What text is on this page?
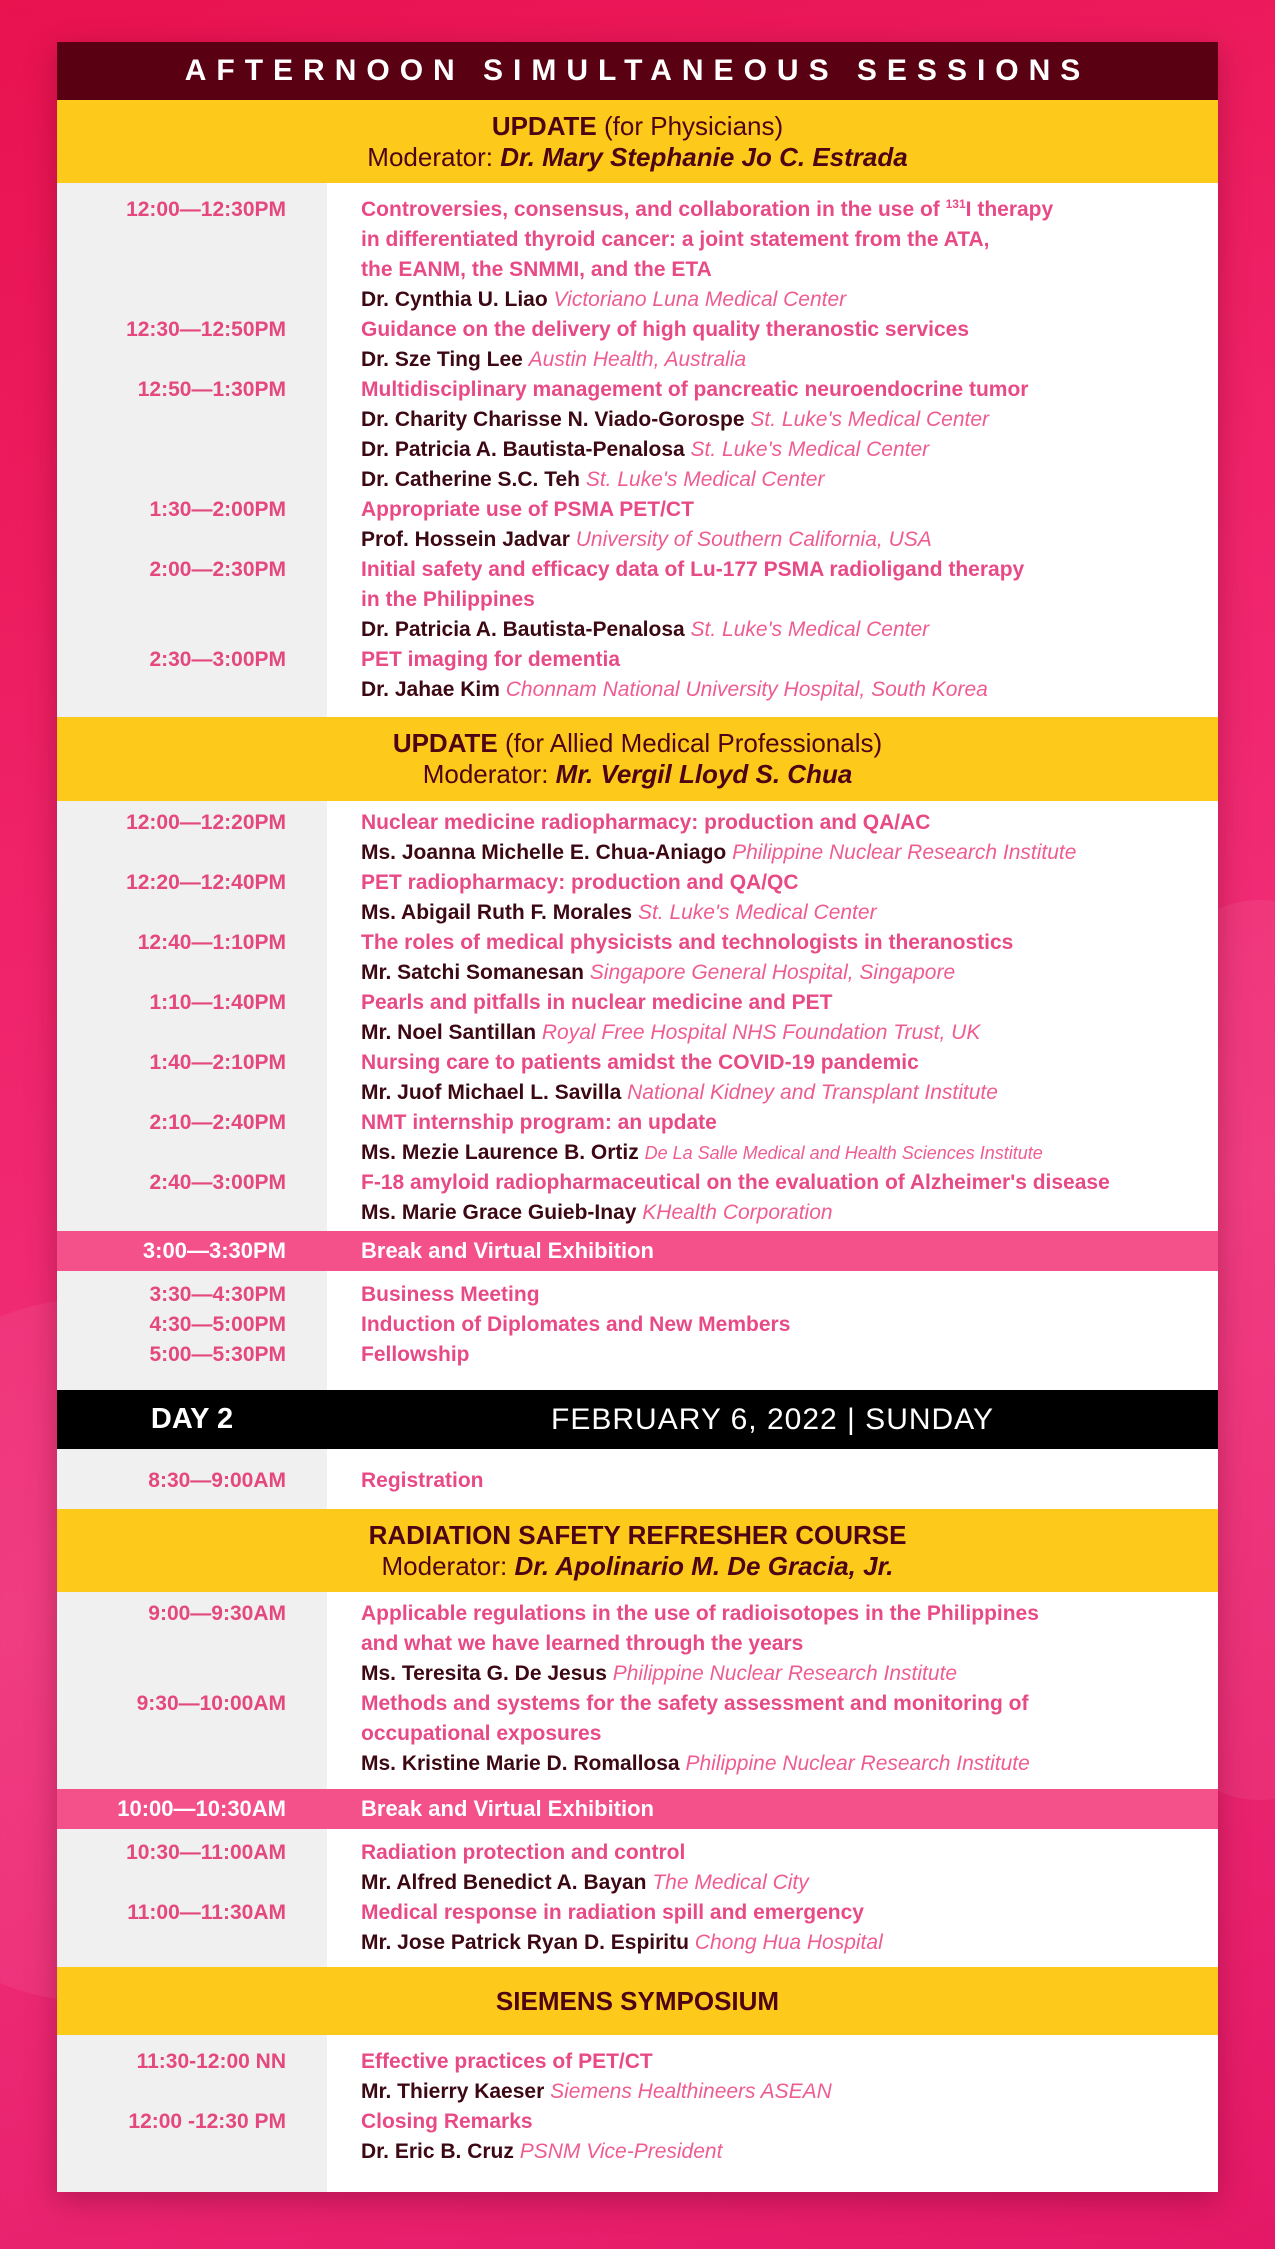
AFTERNOON SIMULTANEOUS SESSIONS
UPDATE (for Physicians)
Moderator: Dr. Mary Stephanie Jo C. Estrada
12:00—12:30PM	Controversies, consensus, and collaboration in the use of $^{131}$I therapy
in differentiated thyroid cancer: a joint statement from the ATA,
the EANM, the SNMMI, and the ETA
Dr. Cynthia U. Liao Victoriano Luna Medical Center
12:30—12:50PM	Guidance on the delivery of high quality theranostic services
Dr. Sze Ting Lee Austin Health, Australia
12:50—1:30PM	Multidisciplinary management of pancreatic neuroendocrine tumor
Dr. Charity Charisse N. Viado-Gorospe St. Luke's Medical Center
Dr. Patricia A. Bautista-Penalosa St. Luke's Medical Center
Dr. Catherine S.C. Teh St. Luke's Medical Center
1:30—2:00PM	Appropriate use of PSMA PET/CT
Prof. Hossein Jadvar University of Southern California, USA
2:00—2:30PM	Initial safety and efficacy data of Lu-177 PSMA radioligand therapy
in the Philippines
Dr. Patricia A. Bautista-Penalosa St. Luke's Medical Center
2:30—3:00PM	PET imaging for dementia
Dr. Jahae Kim Chonnam National University Hospital, South Korea
UPDATE (for Allied Medical Professionals)
Moderator: Mr. Vergil Lloyd S. Chua
12:00—12:20PM	Nuclear medicine radiopharmacy: production and QA/AC
Ms. Joanna Michelle E. Chua-Aniago Philippine Nuclear Research Institute
12:20—12:40PM	PET radiopharmacy: production and QA/QC
Ms. Abigail Ruth F. Morales St. Luke's Medical Center
12:40—1:10PM	The roles of medical physicists and technologists in theranostics
Mr. Satchi Somanesan Singapore General Hospital, Singapore
1:10—1:40PM	Pearls and pitfalls in nuclear medicine and PET
Mr. Noel Santillan Royal Free Hospital NHS Foundation Trust, UK
1:40—2:10PM	Nursing care to patients amidst the COVID-19 pandemic
Mr. Juof Michael L. Savilla National Kidney and Transplant Institute
2:10—2:40PM	NMT internship program: an update
Ms. Mezie Laurence B. Ortiz De La Salle Medical and Health Sciences Institute
2:40—3:00PM	F-18 amyloid radiopharmaceutical on the evaluation of Alzheimer's disease
Ms. Marie Grace Guieb-Inay KHealth Corporation
3:00—3:30PM	Break and Virtual Exhibition
3:30—4:30PM	Business Meeting
4:30—5:00PM	Induction of Diplomates and New Members
5:00—5:30PM	Fellowship
DAY 2	FEBRUARY 6, 2022 | SUNDAY
8:30—9:00AM	Registration
RADIATION SAFETY REFRESHER COURSE
Moderator: Dr. Apolinario M. De Gracia, Jr.
9:00—9:30AM	Applicable regulations in the use of radioisotopes in the Philippines
and what we have learned through the years
Ms. Teresita G. De Jesus Philippine Nuclear Research Institute
9:30—10:00AM	Methods and systems for the safety assessment and monitoring of
occupational exposures
Ms. Kristine Marie D. Romallosa Philippine Nuclear Research Institute
10:00—10:30AM	Break and Virtual Exhibition
10:30—11:00AM	Radiation protection and control
Mr. Alfred Benedict A. Bayan The Medical City
11:00—11:30AM	Medical response in radiation spill and emergency
Mr. Jose Patrick Ryan D. Espiritu Chong Hua Hospital
SIEMENS SYMPOSIUM
11:30-12:00 NN	Effective practices of PET/CT
Mr. Thierry Kaeser Siemens Healthineers ASEAN
12:00 -12:30 PM	Closing Remarks
Dr. Eric B. Cruz PSNM Vice-President
